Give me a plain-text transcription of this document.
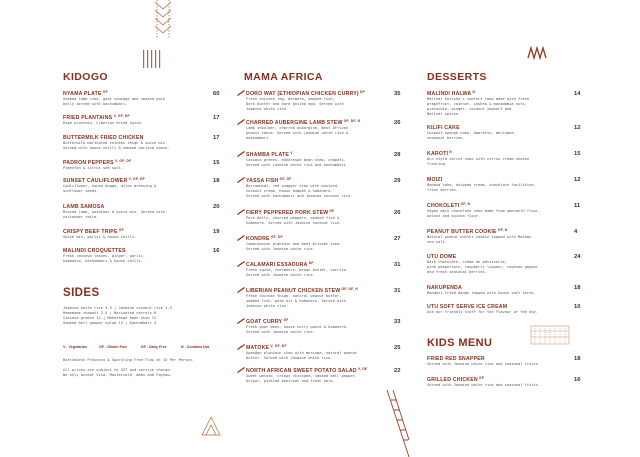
KIDOGO
NYAMA PLATE $^{GF}$	60
Smoked lamb ribs, goat sausage and smoked pork
belly served with kachumbari.
FRIED PLANTAINS $^{V, GF, DF}$	17
Ripe plantain, Liberian dried spice.
BUTTERMILK FRIED CHICKEN	17
Buttermilk marinated chicken thigh & spice mix.
Served with house chilli & smoked harissa sauce.
PADRON PEPPERS $^{V, GF, DF}$	15
Pimenton & citrus sea salt.
SUNSET CAULIFLOWER $^{V, GF, DF}$	18
Cauliflower, house dugga, dijon dressing &
sunflower seeds.
LAMB SAMOSA	20
Minced lamb, potatoes & spice mix. Served with
coriander raita.
CRISPY BEEF TRIPE $^{GF}$	19
Spice mix, garlic & house chilli.
MALINDI CROQUETTES	16
Fresh cassava leaves, ginger, garlic,
habanero, kachumbari & house chilli.
SIDES
Jasmine white rice 3.5 | Jasmine coconut rice 3.5
Homemade chapati 3.5 | Marinated carrots 6
Cassava greens 12 | Makaraspe bean stew 12
Smoked bell pepper salad 12 | Kachumbari 3
V - Vegetarian	GF - Gluten Free	DF - Dairy Free	N - Contains Nut
Bottomless Prosecco & Sparkling Free Flow at 15 Per Person.

All prices are subject to GST and service charge.
We only accept Visa, Mastercard, Amex and Paynow.
MAMA AFRICA
DORO WAT (ETHIOPIAN CHICKEN CURRY) $^{DF}$	35
Fresh chicken leg, berbere, smoked fish,
Dark butter and hard boiled egg. Served with
Jasmine white rice.
CHARRED AUBERGINE LAMB STEW $^{GF, DF, N}$	26
Lamb shoulder, charred aubergine, West African
peanut sauce. Served with jasmine white rice &
kachumbari.
SHAMBA PLATE $^V$	28
Cassava greens, makaraspe bean stew, chapati.
Served with jasmine white rice and kachumbari.
YASSA FISH $^{GF, DF}$	29
Barramundi, red snapper stew with mustard,
coconut cream, house bumpah & habanero.
Served with kachumbari and Jasmine coconut rice.
FIERY PEPPERED PORK STEW $^{DF}$	26
Pork belly, charred peppers, smoked fish &
habanero. Served with Jasmine coconut rice.
KONDRE $^{GF, DF}$	27
Cameroonian plantain and beef brisket stew.
Served with Jasmine white rice.
CALAMARI ESSADURA $^{DF}$	31
Fresh squid, chermoula, brown butter, sofrito.
Served with Jasmine white rice.
LIBERIAN PEANUT CHICKEN STEW $^{GF, DF, N}$	31
Fresh chicken thigh, natural peanut butter,
smoked fish, palm oil & habanero. Served with
Jasmine white rice.
GOAT CURRY $^{GF}$	33
Fresh goat meat, house curry paste & habanero.
Served with Jasmine white rice.
MATOKE $^{V, GF, DF}$	25
Ugandan plantain stew with moringa, natural peanut
butter. Served with Jasmine white rice.
NORTH AFRICAN SWEET POTATO SALAD $^{V, DF}$	22
Sweet potato, crispy chickpea, smoked bell pepper,
bulgur, pickled beetroot and fresh kale.
DESSERTS
MALINDI HALWA $^N$	14
Malindi Kulisha's comfort food made with fresh
grapefruit, cashnut, cashew & macadamia nuts,
pistachio, ginger, coconut yoghurt and
Malindi spices.
KILIFI CAKE	12
Coconut sponge cake, Amaretto, meringue,
seasonal berries.
KAROTI $^N$	15
Our style carrot cake with citrus cream cheese
frosting.
MOIZI	12
Banana cake, whipped cream, chocolate facilitine,
fresh berries.
CHOKOLETI $^{GF, N}$	11
Vegan dark chocolate cake made from amaranth flour,
walnut and quinoa flour.
PEANUT BUTTER COOKIE $^{GF, N}$	4
Natural peanut butter cookie topped with Maldon
sea salt.
UTU DOME	24
Dark chocolate, crème de pâtisserie,
pink peppercorn, raspberry liqueur, cayenne pepper
and fresh seasonal berries.
NAKUPENDA	18
Mandazi fried dough topped with house soft serve.
UTU SOFT SERVE ICE CREAM	10
Ask our friendly staff for the flavour of the day.
KIDS MENU
FRIED RED SNAPPER	18
Served with Jasmine white rice and seasonal fruits.
GRILLED CHICKEN $^{GF}$	16
Served with Jasmine white rice and seasonal fruits.
